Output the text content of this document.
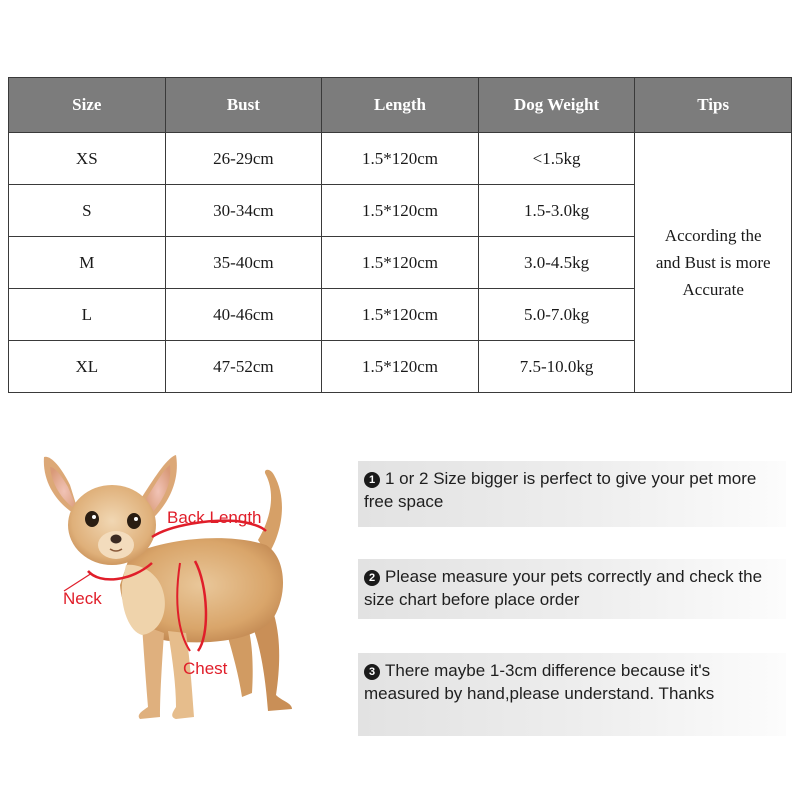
Size	Bust	Length	Dog Weight	Tips
XS	26-29cm	1.5*120cm	<1.5kg	According the
and Bust is more
Accurate
S	30-34cm	1.5*120cm	1.5-3.0kg	
M	35-40cm	1.5*120cm	3.0-4.5kg	
L	40-46cm	1.5*120cm	5.0-7.0kg	
XL	47-52cm	1.5*120cm	7.5-10.0kg	
Back Length
Neck
Chest
1 1 or 2 Size bigger is perfect to give your pet more free space
2 Please measure your pets correctly and check the size chart before place order
3 There maybe 1-3cm difference because it's measured by hand,please understand. Thanks
